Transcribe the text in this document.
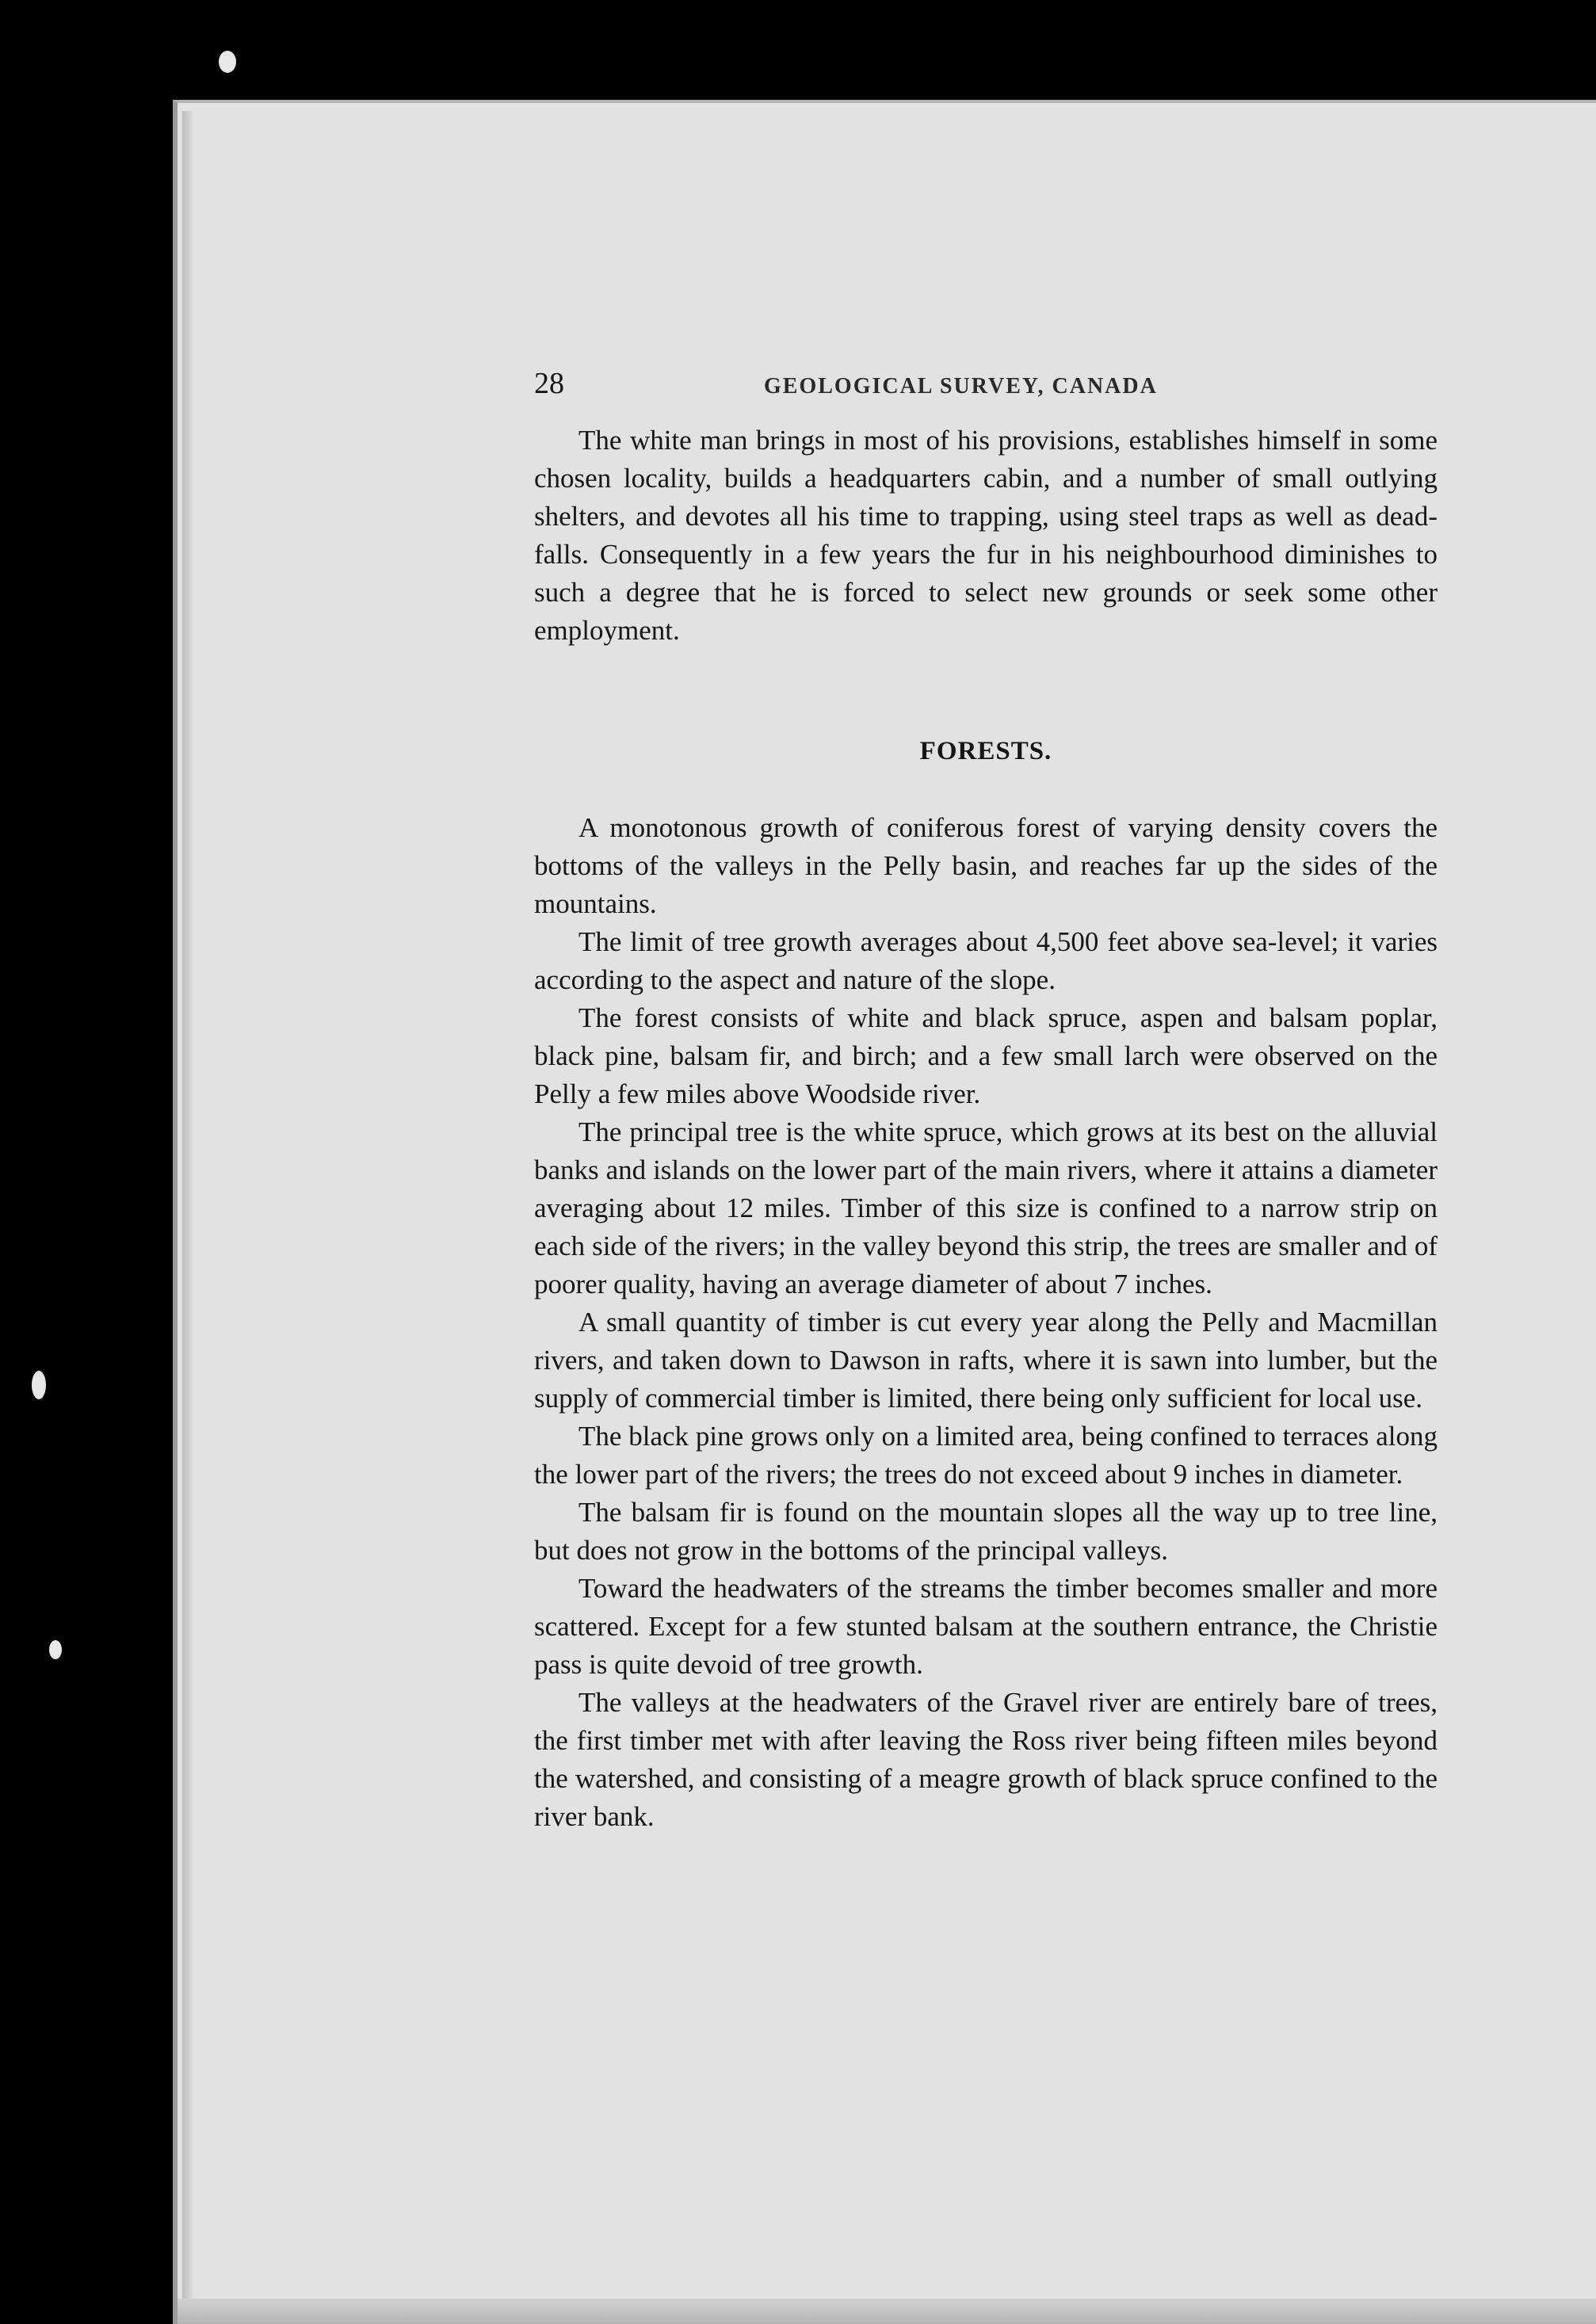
28	GEOLOGICAL SURVEY, CANADA

The white man brings in most of his provisions, establishes himself in some chosen locality, builds a headquarters cabin, and a number of small outlying shelters, and devotes all his time to trapping, using steel traps as well as dead-falls. Consequently in a few years the fur in his neighbourhood diminishes to such a degree that he is forced to select new grounds or seek some other employment.

FORESTS.

A monotonous growth of coniferous forest of varying density covers the bottoms of the valleys in the Pelly basin, and reaches far up the sides of the mountains.

The limit of tree growth averages about 4,500 feet above sea-level; it varies according to the aspect and nature of the slope.

The forest consists of white and black spruce, aspen and balsam poplar, black pine, balsam fir, and birch; and a few small larch were observed on the Pelly a few miles above Woodside river.

The principal tree is the white spruce, which grows at its best on the alluvial banks and islands on the lower part of the main rivers, where it attains a diameter averaging about 12 miles. Timber of this size is confined to a narrow strip on each side of the rivers; in the valley beyond this strip, the trees are smaller and of poorer quality, having an average diameter of about 7 inches.

A small quantity of timber is cut every year along the Pelly and Macmillan rivers, and taken down to Dawson in rafts, where it is sawn into lumber, but the supply of commercial timber is limited, there being only sufficient for local use.

The black pine grows only on a limited area, being confined to terraces along the lower part of the rivers; the trees do not exceed about 9 inches in diameter.

The balsam fir is found on the mountain slopes all the way up to tree line, but does not grow in the bottoms of the principal valleys.

Toward the headwaters of the streams the timber becomes smaller and more scattered. Except for a few stunted balsam at the southern entrance, the Christie pass is quite devoid of tree growth.

The valleys at the headwaters of the Gravel river are entirely bare of trees, the first timber met with after leaving the Ross river being fifteen miles beyond the watershed, and consisting of a meagre growth of black spruce confined to the river bank.
